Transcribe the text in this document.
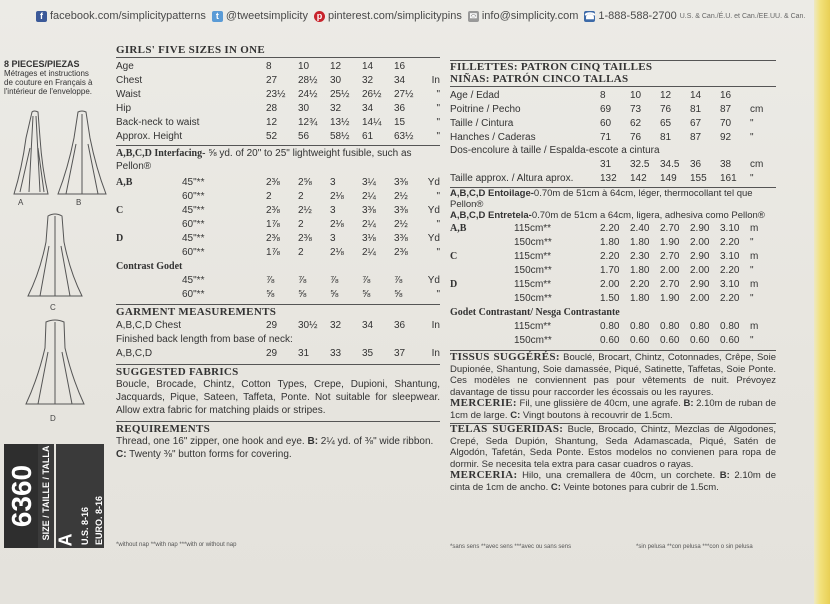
f facebook.com/simplicitypatterns	t @tweetsimplicity p pinterest.com/simplicitypins ✉ info@simplicity.com ☎ 1-888-588-2700 U.S. & Can./É.U. et Can./EE.UU. & Can.
8 PIECES/PIEZAS
Métrages et instructions
de couture en Français à
l'intérieur de l'enveloppe.
A	B
C
D
6360 SIZE / TAILLE / TALLA A U.S. 8-16 EURO. 8-16
GIRLS' FIVE SIZES IN ONE
Age	8	10	12	14	16	
Chest	27	28½	30	32	34	In
Waist	23½	24½	25½	26½	27½	"
Hip	28	30	32	34	36	"
Back-neck to waist	12	12¾	13½	14¼	15	"
Approx. Height	52	56	58½	61	63½	"
A,B,C,D Interfacing- ⅝ yd. of 20" to 25" lightweight fusible, such as Pellon®
A,B	45"**	2⅜	2⅝	3	3¼	3⅜	Yd
	60"**	2	2	2⅛	2¼	2½	"
C	45"**	2⅜	2½	3	3⅜	3⅜	Yd
	60"**	1⅞	2	2⅛	2¼	2½	"
D	45"**	2⅜	2⅜	3	3⅛	3⅜	Yd
	60"**	1⅞	2	2⅛	2¼	2⅜	"
Contrast Godet							
	45"**	⅞	⅞	⅞	⅞	⅞	Yd
	60"**	⅝	⅝	⅝	⅝	⅝	"
GARMENT MEASUREMENTS
A,B,C,D Chest	29	30½	32	34	36	In
Finished back length from base of neck:						
A,B,C,D	29	31	33	35	37	In
SUGGESTED FABRICS
Boucle, Brocade, Chintz, Cotton Types, Crepe, Dupioni, Shantung, Jacquards, Pique, Sateen, Taffeta, Ponte. Not suitable for sleepwear. Allow extra fabric for matching plaids or stripes.
REQUIREMENTS
Thread, one 16" zipper, one hook and eye. B: 2¼ yd. of ⅜" wide ribbon.
C: Twenty ⅜" button forms for covering.
*without nap **with nap ***with or without nap
FILLETTES: PATRON CINQ TAILLES
NIÑAS: PATRÓN CINCO TALLAS
Age / Edad	8	10	12	14	16	
Poitrine / Pecho	69	73	76	81	87	cm
Taille / Cintura	60	62	65	67	70	"
Hanches / Caderas	71	76	81	87	92	"
Dos-encolure à taille / Espalda-escote a cintura
	31	32.5	34.5	36	38	cm
Taille approx. / Altura aprox.	132	142	149	155	161	"
A,B,C,D Entoilage-0.70m de 51cm à 64cm, léger, thermocollant tel que Pellon®
A,B,C,D Entretela-0.70m de 51cm a 64cm, ligera, adhesiva como Pellon®
A,B	115cm**	2.20	2.40	2.70	2.90	3.10	m
	150cm**	1.80	1.80	1.90	2.00	2.20	"
C	115cm**	2.20	2.30	2.70	2.90	3.10	m
	150cm**	1.70	1.80	2.00	2.00	2.20	"
D	115cm**	2.00	2.20	2.70	2.90	3.10	m
	150cm**	1.50	1.80	1.90	2.00	2.20	"
Godet Contrastant/ Nesga Contrastante							
	115cm**	0.80	0.80	0.80	0.80	0.80	m
	150cm**	0.60	0.60	0.60	0.60	0.60	"
TISSUS SUGGÉRÉS: Bouclé, Brocart, Chintz, Cotonnades, Crêpe, Soie Dupionée, Shantung, Soie damassée, Piqué, Satinette, Taffetas, Soie Ponte. Ces modèles ne conviennent pas pour vêtements de nuit. Prévoyez davantage de tissu pour raccorder les écossais ou les rayures.
MERCERIE: Fil, une glissière de 40cm, une agrafe. B: 2.10m de ruban de 1cm de large. C: Vingt boutons à recouvrir de 1.5cm.
TELAS SUGERIDAS: Bucle, Brocado, Chintz, Mezclas de Algodones, Crepé, Seda Dupión, Shantung, Seda Adamascada, Piqué, Satén de Algodón, Tafetán, Seda Ponte. Estos modelos no convienen para ropa de dormir. Se necesita tela extra para casar cuadros o rayas.
MERCERIA: Hilo, una cremallera de 40cm, un corchete. B: 2.10m de cinta de 1cm de ancho. C: Veinte botones para cubrir de 1.5cm.
*sans sens **avec sens ***avec ou sans sens	*sin pelusa **con pelusa ***con o sin pelusa
